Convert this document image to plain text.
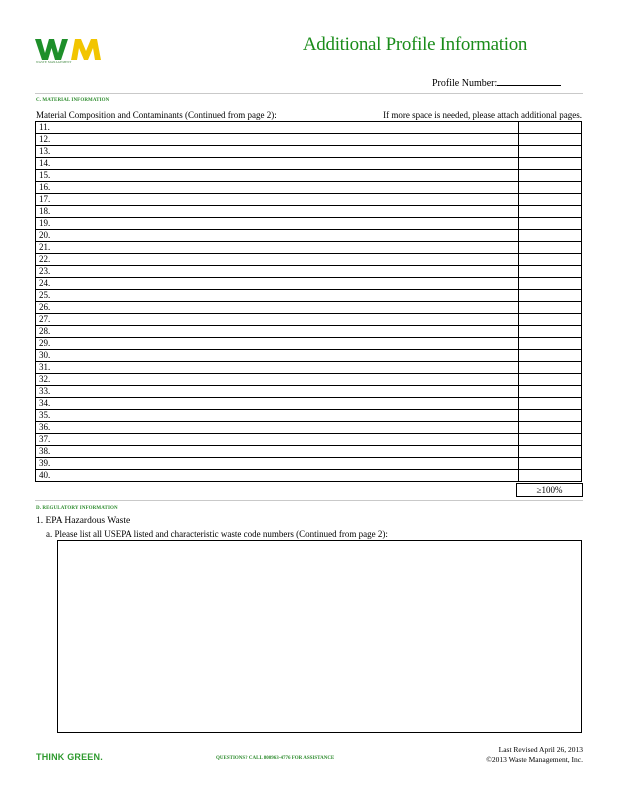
WASTE MANAGEMENT
Additional Profile Information
Profile Number:
C. MATERIAL INFORMATION
Material Composition and Contaminants (Continued from page 2):	If more space is needed, please attach additional pages.
11.	
12.	
13.	
14.	
15.	
16.	
17.	
18.	
19.	
20.	
21.	
22.	
23.	
24.	
25.	
26.	
27.	
28.	
29.	
30.	
31.	
32.	
33.	
34.	
35.	
36.	
37.	
38.	
39.	
40.	
≥100%
D. REGULATORY INFORMATION
1. EPA Hazardous Waste
a. Please list all USEPA listed and characteristic waste code numbers (Continued from page 2):
THINK GREEN.	QUESTIONS? CALL 800963-4776 FOR ASSISTANCE
Last Revised April 26, 2013
©2013 Waste Management, Inc.
